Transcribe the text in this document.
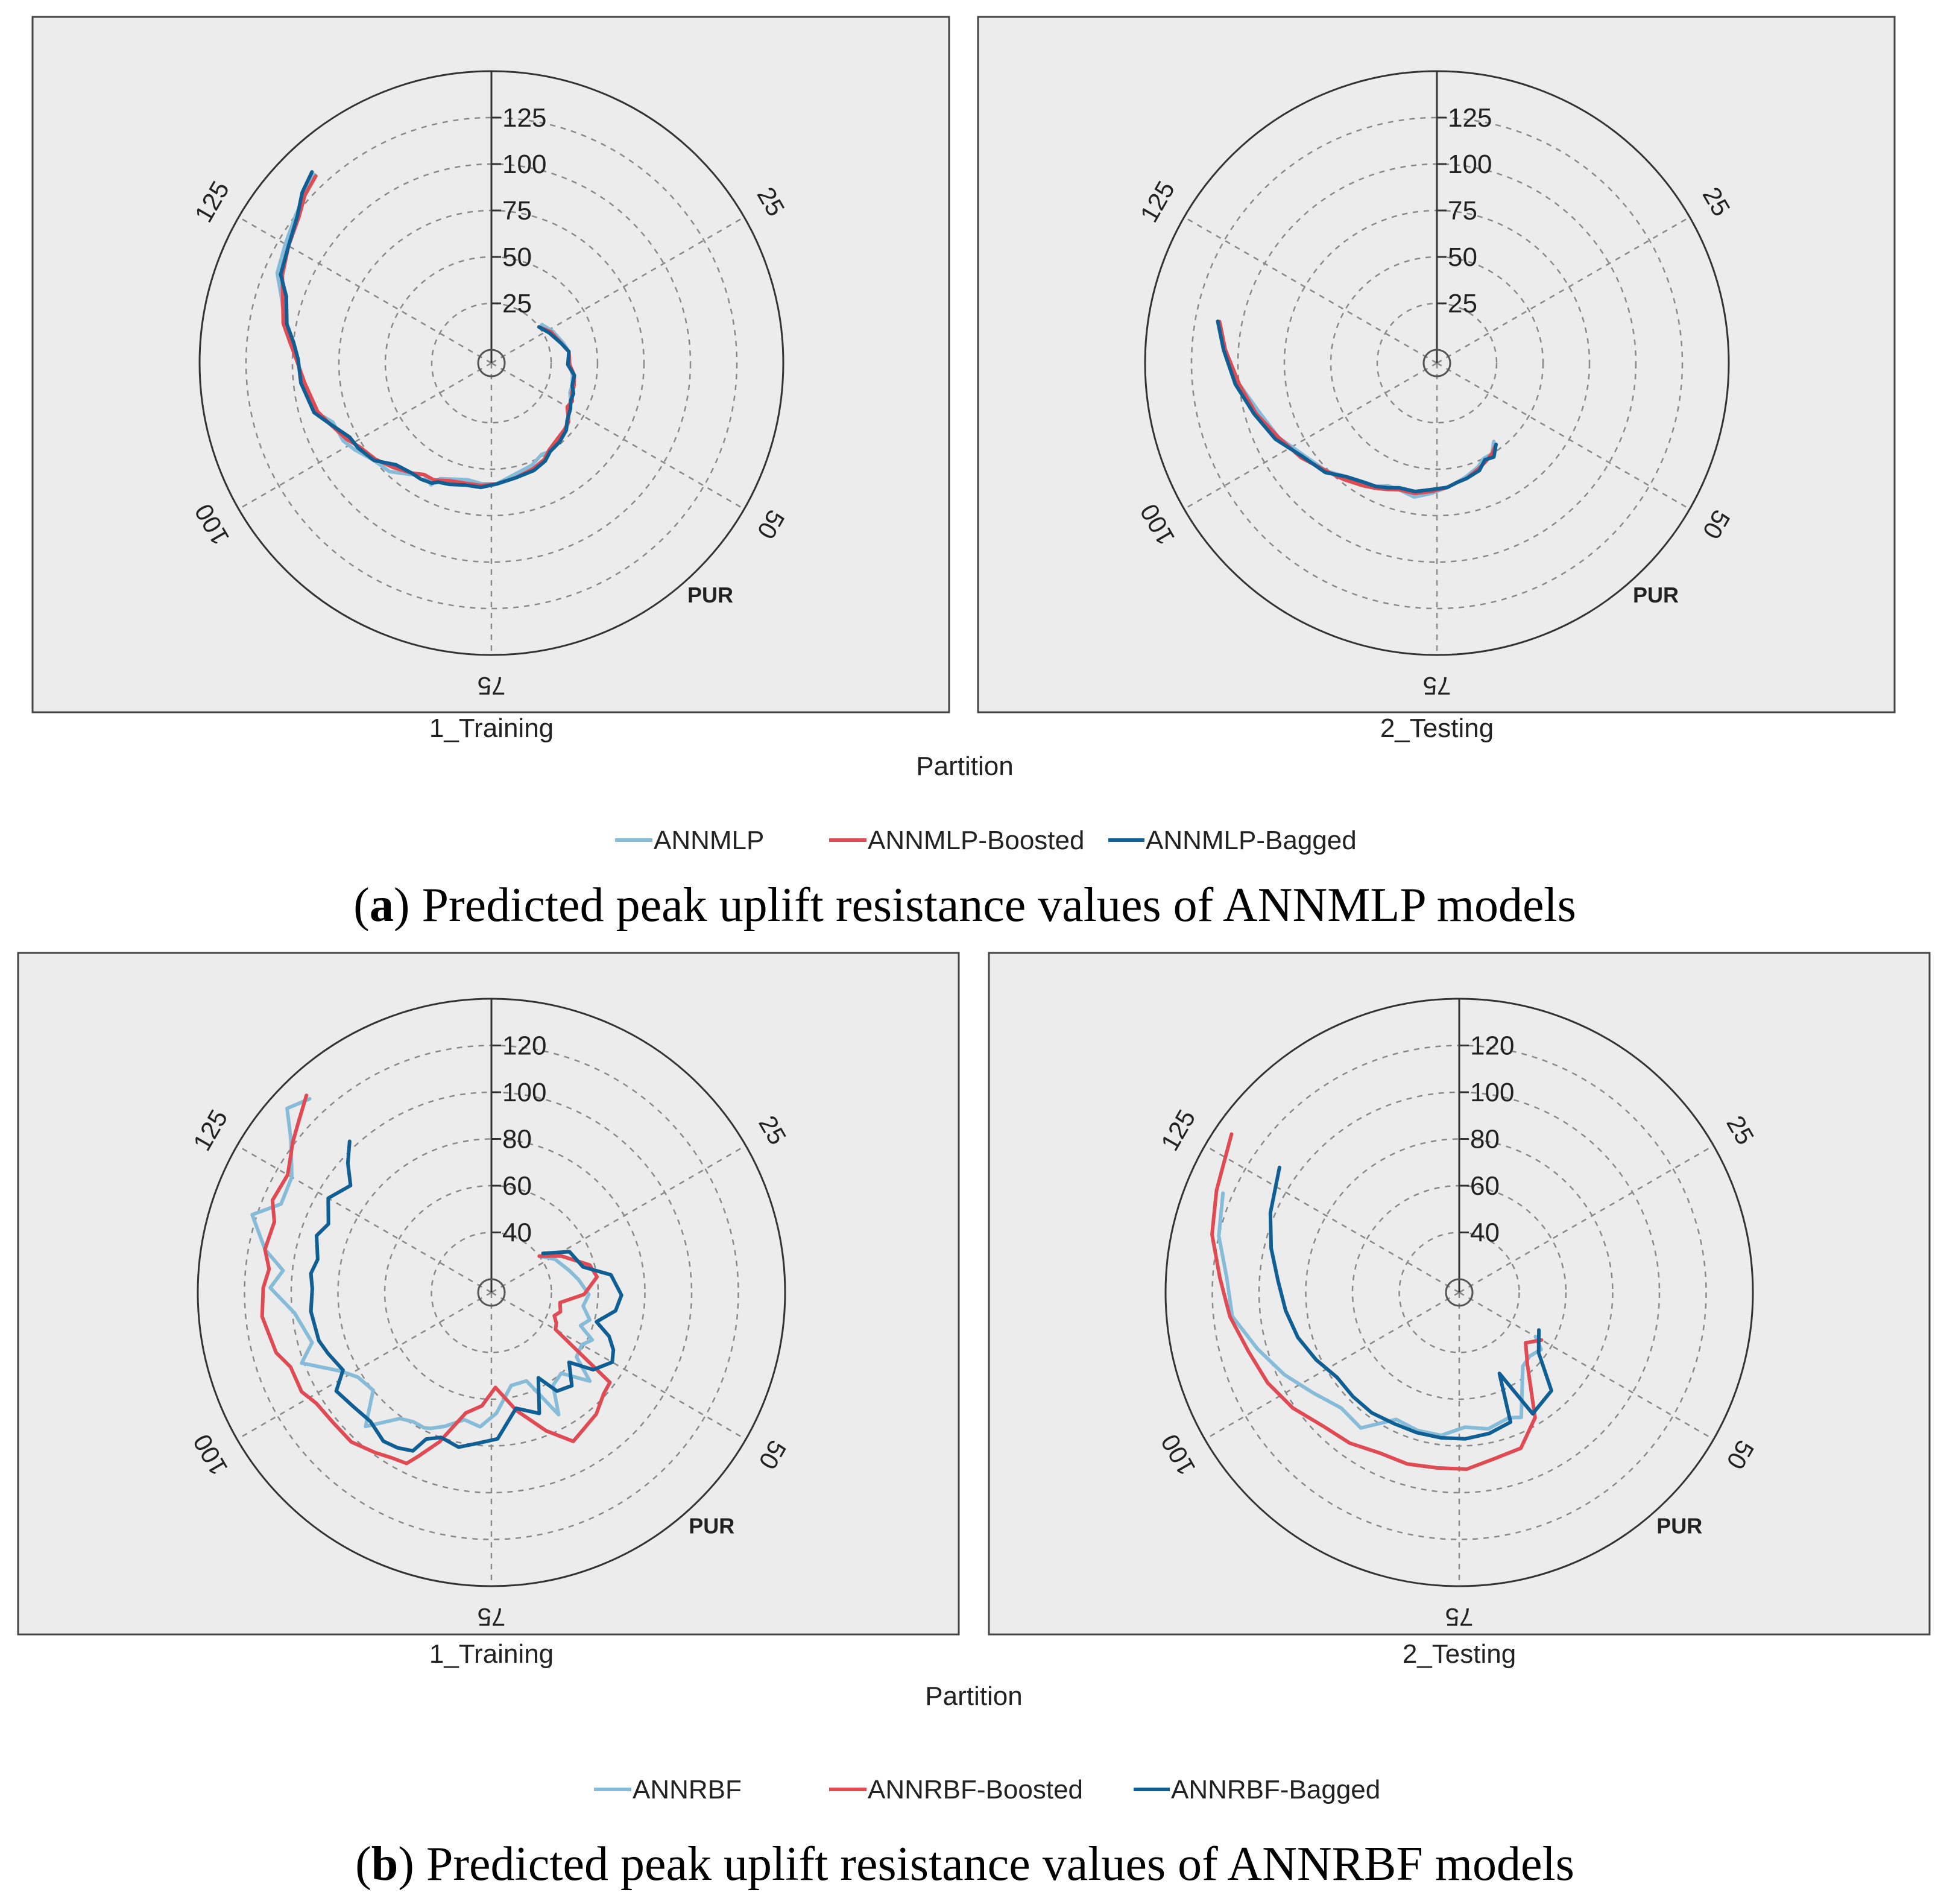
25
50
75
100
125
25
50
75
100
125
PUR
1_Training
25
50
75
100
125
25
50
75
100
125
PUR
2_Testing
Partition
ANNMLP	ANNMLP-Boosted ANNMLP-Bagged
(a) Predicted peak uplift resistance values of ANNMLP models
25
50
75
100
125
40
60
80
100
120
PUR
1_Training
25
50
75
100
125
40
60
80
100
120
PUR
2_Testing
Partition
ANNRBF	ANNRBF-Boosted	ANNRBF-Bagged
(b) Predicted peak uplift resistance values of ANNRBF models
